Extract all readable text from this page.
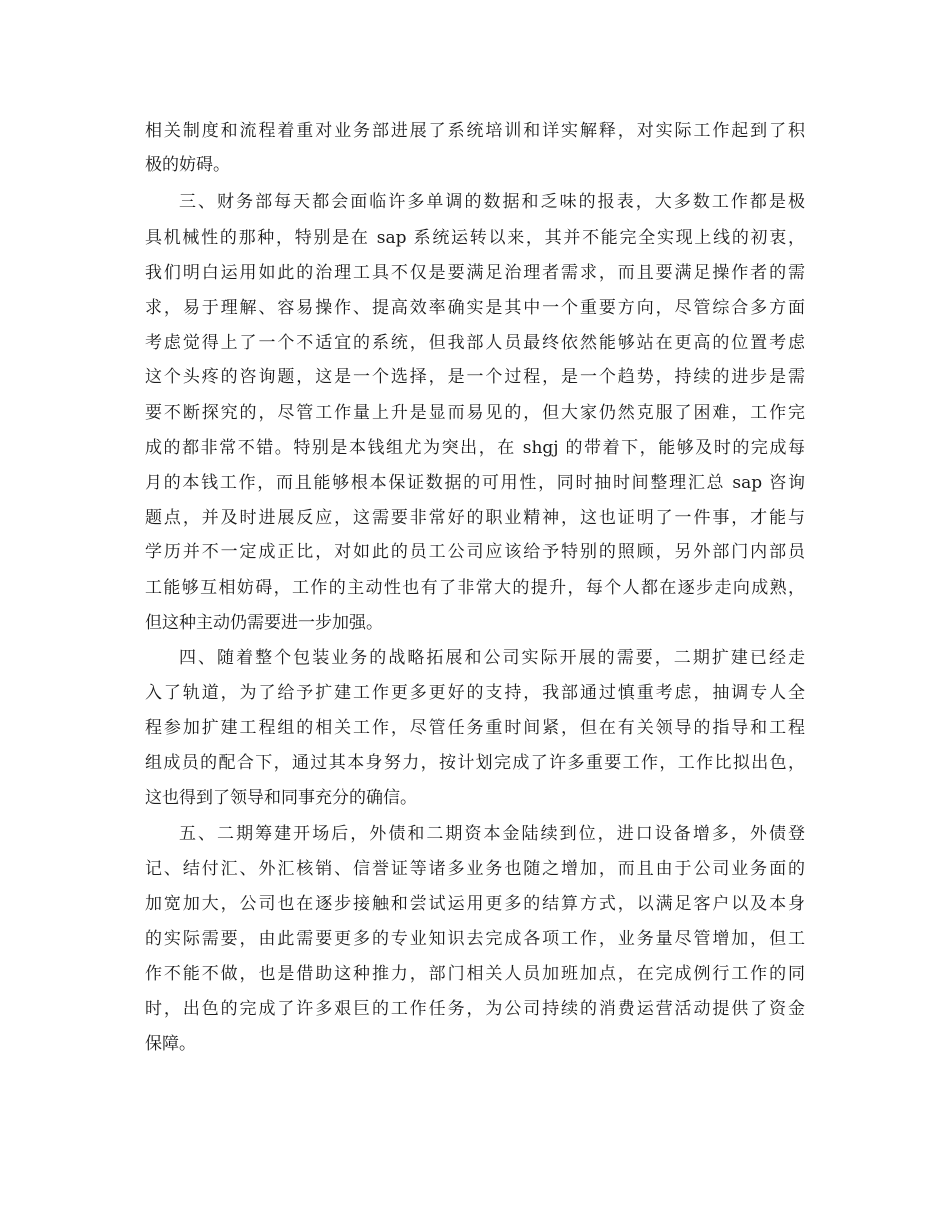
相关制度和流程着重对业务部进展了系统培训和详实解释，对实际工作起到了积
极的妨碍。
三、财务部每天都会面临许多单调的数据和乏味的报表，大多数工作都是极
具机械性的那种，特别是在 sap 系统运转以来，其并不能完全实现上线的初衷，
我们明白运用如此的治理工具不仅是要满足治理者需求，而且要满足操作者的需
求，易于理解、容易操作、提高效率确实是其中一个重要方向，尽管综合多方面
考虑觉得上了一个不适宜的系统，但我部人员最终依然能够站在更高的位置考虑
这个头疼的咨询题，这是一个选择，是一个过程，是一个趋势，持续的进步是需
要不断探究的，尽管工作量上升是显而易见的，但大家仍然克服了困难，工作完
成的都非常不错。特别是本钱组尤为突出，在 shgj 的带着下，能够及时的完成每
月的本钱工作，而且能够根本保证数据的可用性，同时抽时间整理汇总 sap 咨询
题点，并及时进展反应，这需要非常好的职业精神，这也证明了一件事，才能与
学历并不一定成正比，对如此的员工公司应该给予特别的照顾，另外部门内部员
工能够互相妨碍，工作的主动性也有了非常大的提升，每个人都在逐步走向成熟，
但这种主动仍需要进一步加强。
四、随着整个包装业务的战略拓展和公司实际开展的需要，二期扩建已经走
入了轨道，为了给予扩建工作更多更好的支持，我部通过慎重考虑，抽调专人全
程参加扩建工程组的相关工作，尽管任务重时间紧，但在有关领导的指导和工程
组成员的配合下，通过其本身努力，按计划完成了许多重要工作，工作比拟出色，
这也得到了领导和同事充分的确信。
五、二期筹建开场后，外债和二期资本金陆续到位，进口设备增多，外债登
记、结付汇、外汇核销、信誉证等诸多业务也随之增加，而且由于公司业务面的
加宽加大，公司也在逐步接触和尝试运用更多的结算方式，以满足客户以及本身
的实际需要，由此需要更多的专业知识去完成各项工作，业务量尽管增加，但工
作不能不做，也是借助这种推力，部门相关人员加班加点，在完成例行工作的同
时，出色的完成了许多艰巨的工作任务，为公司持续的消费运营活动提供了资金
保障。
